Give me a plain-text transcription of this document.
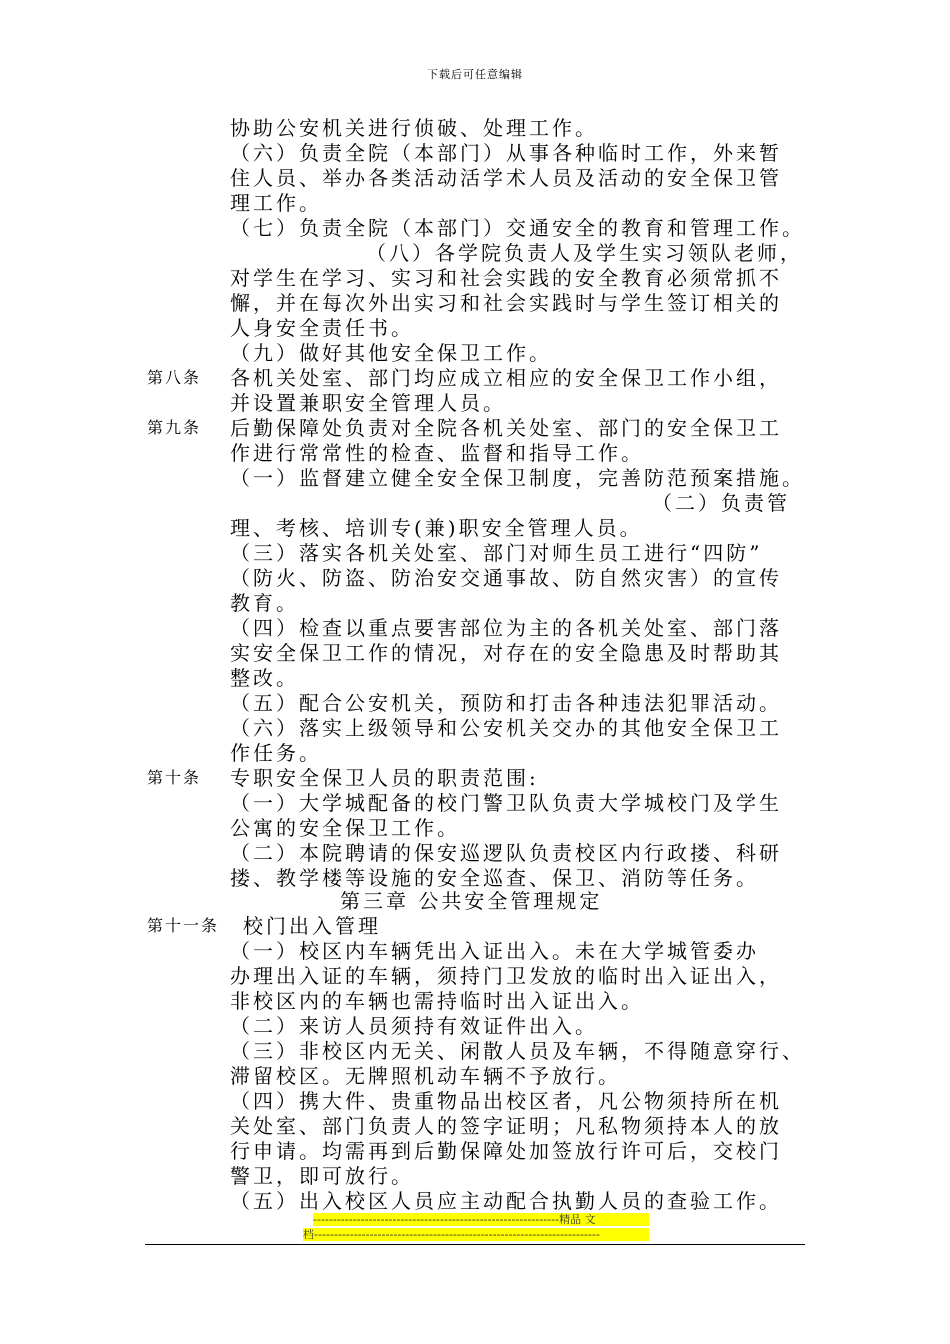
下载后可任意编辑
协助公安机关进行侦破、处理工作。
（六）负责全院（本部门）从事各种临时工作，外来暂
住人员、举办各类活动活学术人员及活动的安全保卫管
理工作。
（七）负责全院（本部门）交通安全的教育和管理工作。
（八）各学院负责人及学生实习领队老师，
对学生在学习、实习和社会实践的安全教育必须常抓不
懈，并在每次外出实习和社会实践时与学生签订相关的
人身安全责任书。
（九）做好其他安全保卫工作。
第八条 各机关处室、部门均应成立相应的安全保卫工作小组，
并设置兼职安全管理人员。
第九条 后勤保障处负责对全院各机关处室、部门的安全保卫工
作进行常常性的检查、监督和指导工作。
（一）监督建立健全安全保卫制度，完善防范预案措施。
（二）负责管
理、考核、培训专(兼)职安全管理人员。
（三）落实各机关处室、部门对师生员工进行“四防”
（防火、防盗、防治安交通事故、防自然灾害）的宣传
教育。
（四）检查以重点要害部位为主的各机关处室、部门落
实安全保卫工作的情况，对存在的安全隐患及时帮助其
整改。
（五）配合公安机关，预防和打击各种违法犯罪活动。
（六）落实上级领导和公安机关交办的其他安全保卫工
作任务。
第十条 专职安全保卫人员的职责范围:
（一）大学城配备的校门警卫队负责大学城校门及学生
公寓的安全保卫工作。
（二）本院聘请的保安巡逻队负责校区内行政搂、科研
搂、教学楼等设施的安全巡查、保卫、消防等任务。
第三章 公共安全管理规定
第十一条 校门出入管理
（一）校区内车辆凭出入证出入。未在大学城管委办
办理出入证的车辆，须持门卫发放的临时出入证出入，
非校区内的车辆也需持临时出入证出入。
（二）来访人员须持有效证件出入。
（三）非校区内无关、闲散人员及车辆，不得随意穿行、
滞留校区。无牌照机动车辆不予放行。
（四）携大件、贵重物品出校区者，凡公物须持所在机
关处室、部门负责人的签字证明；凡私物须持本人的放
行申请。均需再到后勤保障处加签放行许可后，交校门
警卫，即可放行。
（五）出入校区人员应主动配合执勤人员的查验工作。
--------------------------------------------------------------精品 文
档------------------------------------------------------------------------
